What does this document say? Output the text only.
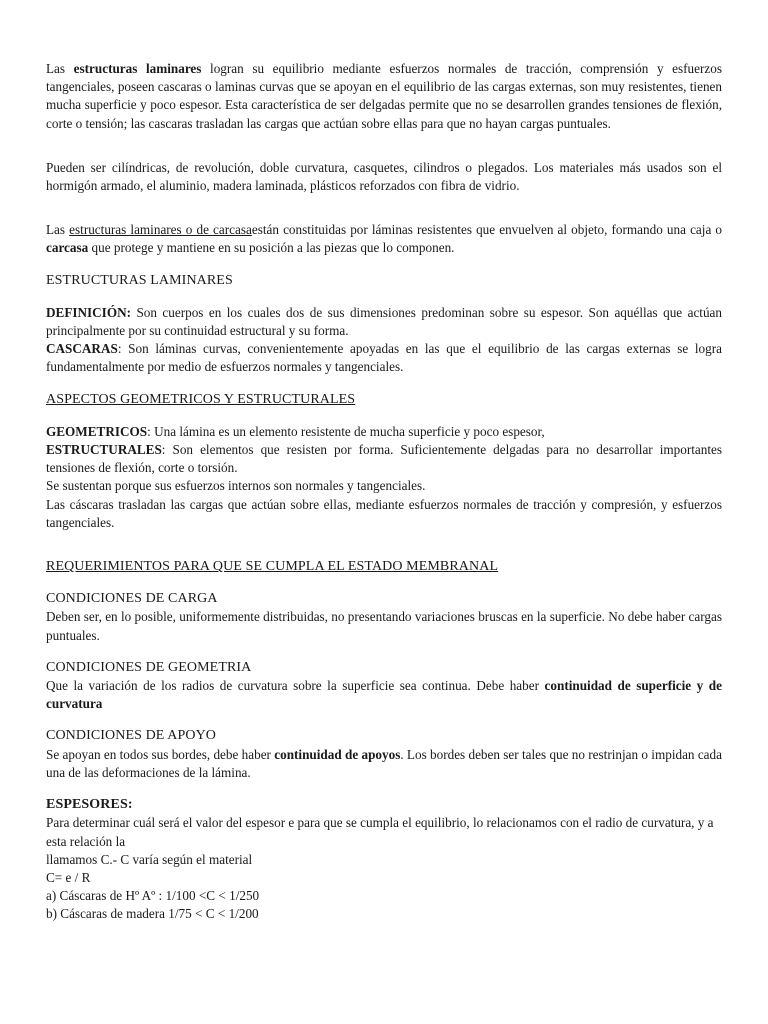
Las estructuras laminares logran su equilibrio mediante esfuerzos normales de tracción, comprensión y esfuerzos tangenciales, poseen cascaras o laminas curvas que se apoyan en el equilibrio de las cargas externas, son muy resistentes, tienen mucha superficie y poco espesor. Esta característica de ser delgadas permite que no se desarrollen grandes tensiones de flexión, corte o tensión; las cascaras trasladan las cargas que actúan sobre ellas para que no hayan cargas puntuales.

Pueden ser cilíndricas, de revolución, doble curvatura, casquetes, cilindros o plegados. Los materiales más usados son el hormigón armado, el aluminio, madera laminada, plásticos reforzados con fibra de vidrio.

Las estructuras laminares o de carcasaestán constituidas por láminas resistentes que envuelven al objeto, formando una caja o carcasa que protege y mantiene en su posición a las piezas que lo componen.

ESTRUCTURAS LAMINARES

DEFINICIÓN: Son cuerpos en los cuales dos de sus dimensiones predominan sobre su espesor. Son aquéllas que actúan principalmente por su continuidad estructural y su forma.

CASCARAS: Son láminas curvas, convenientemente apoyadas en las que el equilibrio de las cargas externas se logra fundamentalmente por medio de esfuerzos normales y tangenciales.

ASPECTOS GEOMETRICOS Y ESTRUCTURALES

GEOMETRICOS: Una lámina es un elemento resistente de mucha superficie y poco espesor,

ESTRUCTURALES: Son elementos que resisten por forma. Suficientemente delgadas para no desarrollar importantes tensiones de flexión, corte o torsión.

Se sustentan porque sus esfuerzos internos son normales y tangenciales.

Las cáscaras trasladan las cargas que actúan sobre ellas, mediante esfuerzos normales de tracción y compresión, y esfuerzos tangenciales.

REQUERIMIENTOS PARA QUE SE CUMPLA EL ESTADO MEMBRANAL

CONDICIONES DE CARGA

Deben ser, en lo posible, uniformemente distribuidas, no presentando variaciones bruscas en la superficie. No debe haber cargas puntuales.

CONDICIONES DE GEOMETRIA

Que la variación de los radios de curvatura sobre la superficie sea continua. Debe haber continuidad de superficie y de curvatura

CONDICIONES DE APOYO

Se apoyan en todos sus bordes, debe haber continuidad de apoyos. Los bordes deben ser tales que no restrinjan o impidan cada una de las deformaciones de la lámina.

ESPESORES:

Para determinar cuál será el valor del espesor e para que se cumpla el equilibrio, lo relacionamos con el radio de curvatura, y a esta relación la

llamamos C.- C varía según el material

C= e / R

a) Cáscaras de Hº Aº : 1/100 <C < 1/250

b) Cáscaras de madera 1/75 < C < 1/200
